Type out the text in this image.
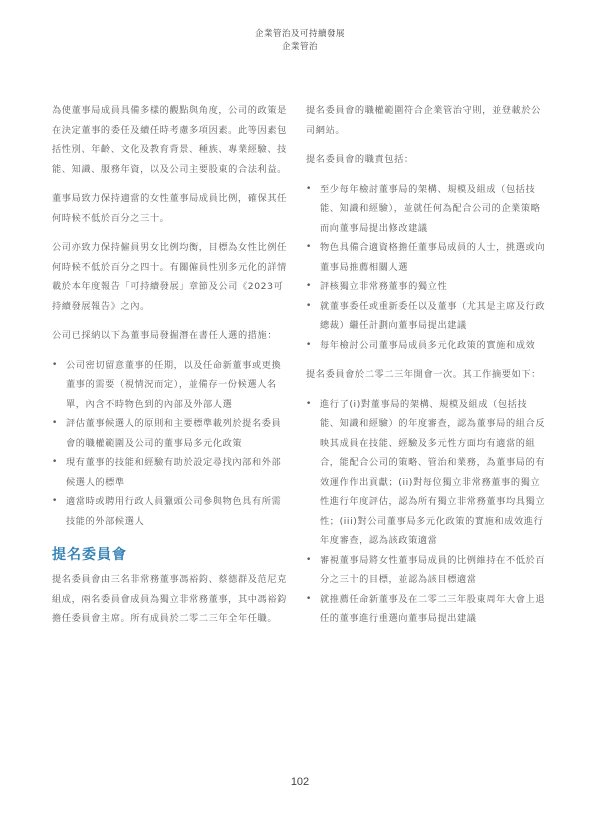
企業管治及可持續發展
企業管治

為使董事局成員具備多樣的觀點與角度，公司的政策是在決定董事的委任及續任時考慮多項因素。此等因素包括性別、年齡、文化及教育背景、種族、專業經驗、技能、知識、服務年資，以及公司主要股東的合法利益。

董事局致力保持適當的女性董事局成員比例，確保其任何時候不低於百分之三十。

公司亦致力保持僱員男女比例均衡，目標為女性比例任何時候不低於百分之四十。有關僱員性別多元化的詳情載於本年度報告「可持續發展」章節及公司《2023可持續發展報告》之內。

公司已採納以下為董事局發掘潛在書任人選的措施：

• 公司密切留意董事的任期，以及任命新董事或更換董事的需要（視情況而定），並備存一份候選人名單，內含不時物色到的內部及外部人選
• 評估董事候選人的原則和主要標準載列於提名委員會的職權範圍及公司的董事局多元化政策
• 現有董事的技能和經驗有助於設定尋找內部和外部候選人的標準
• 適當時或聘用行政人員獵頭公司參與物色具有所需技能的外部候選人
提名委員會

提名委員會由三名非常務董事馮裕鈞、蔡德群及范尼克組成，兩名委員會成員為獨立非常務董事，其中馮裕鈞擔任委員會主席。所有成員於二零二三年全年任職。

提名委員會的職權範圍符合企業管治守則，並登載於公司網站。

提名委員會的職責包括：

• 至少每年檢討董事局的架構、規模及組成（包括技能、知識和經驗），並就任何為配合公司的企業策略而向董事局提出修改建議
• 物色具備合適資格擔任董事局成員的人士，挑選或向董事局推薦相關人選
• 評核獨立非常務董事的獨立性
• 就董事委任或重新委任以及董事（尤其是主席及行政總裁）繼任計劃向董事局提出建議
• 每年檢討公司董事局成員多元化政策的實施和成效

提名委員會於二零二三年開會一次。其工作摘要如下：

• 進行了(i)對董事局的架構、規模及組成（包括技能、知識和經驗）的年度審查，認為董事局的組合反映其成員在技能、經驗及多元性方面均有適當的組合，能配合公司的策略、管治和業務，為董事局的有效運作作出貢獻；(ii)對每位獨立非常務董事的獨立性進行年度評估，認為所有獨立非常務董事均具獨立性；(iii)對公司董事局多元化政策的實施和成效進行年度審查，認為該政策適當
• 審視董事局將女性董事局成員的比例維持在不低於百分之三十的目標，並認為該目標適當
• 就推薦任命新董事及在二零二三年股東周年大會上退任的董事進行重選向董事局提出建議
102
